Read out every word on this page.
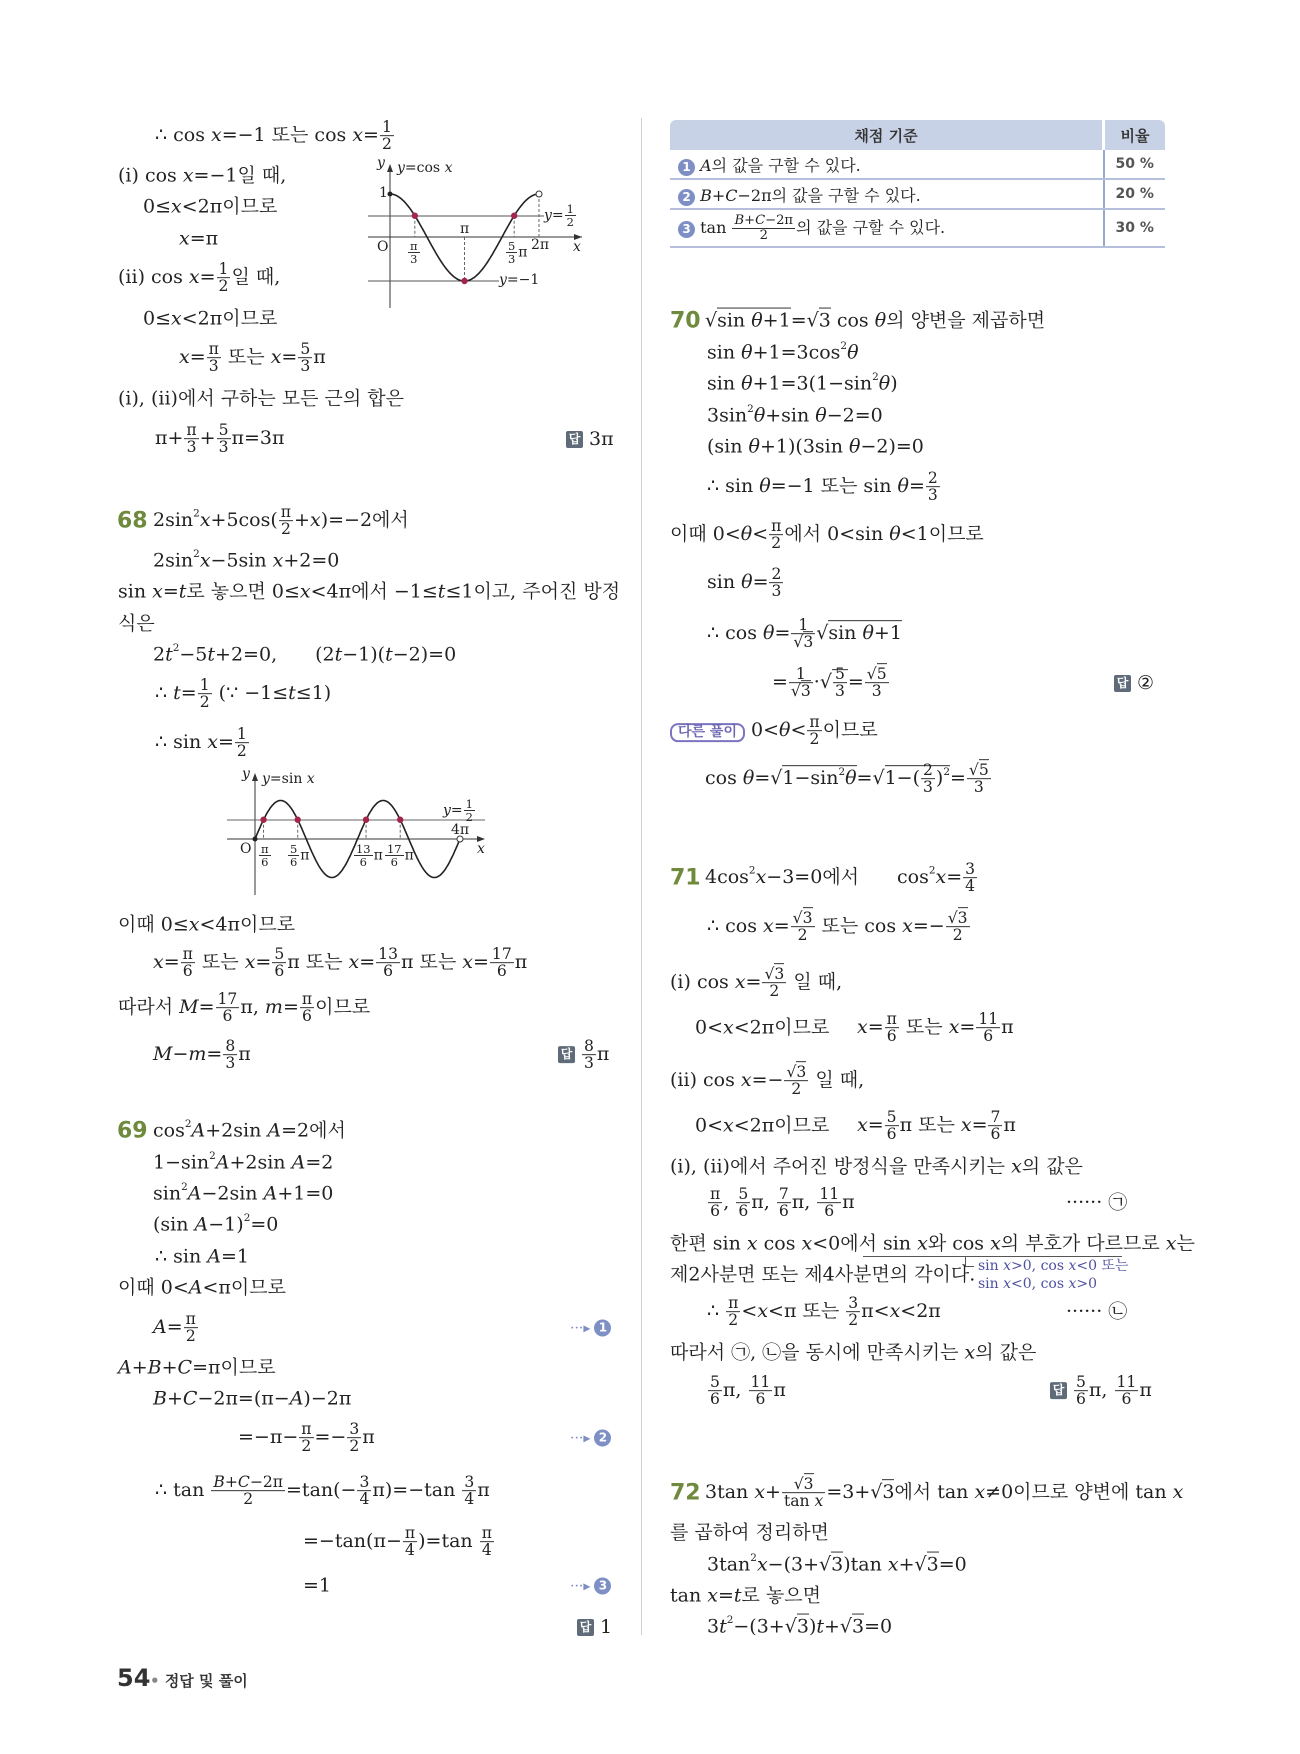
∴ cos x=−1 또는 $\cos x= \frac{1}{2}$
(i) cos x=−1일 때,
0≤x<2π이므로
x=π
(ii) $\cos x= \frac{1}{2}$ 일 때,
0≤x<2π이므로
$x= \frac{\pi}{3}$ 또는 $x= \frac{5}{3}$ π
(i), (ii)에서 구하는 모든 근의 합은
$\pi+ \frac{\pi}{3} + \frac{5}{3} \pi=3\pi$	답 3π
y y=cos x
1
$y= \frac{1}{2}$
y=−1
O	x
$\frac{\pi}{3}$
π
$\frac{5}{3}$ π 2π
68 $2\sin^2x+5\cos( \frac{\pi}{2} +x)=-2$에서
$2\sin^2x-5\sin$ x+2=0
sin x=t로 놓으면 0≤x<4π에서 −1≤t≤1이고, 주어진 방정
식은
$2t^2-5t+2=0$,　　(2t−1)(t−2)=0
∴ $t= \frac{1}{2}$ (∵ −1≤t≤1)
∴ $\sin x= \frac{1}{2}$
y y=sin x
$y= \frac{1}{2}$
4π
O	x
$\frac{\pi}{6} \frac{5}{6}$ π	$\frac{13}{6}$ π $\frac{17}{6}$ π
이때 0≤x<4π이므로
$x= \frac{\pi}{6}$ 또는 $x= \frac{5}{6}$ π 또는 $x= \frac{13}{6}$ π 또는 $x= \frac{17}{6}$ π
따라서 $M= \frac{17}{6} \pi$, $m= \frac{\pi}{6}$ 이므로
$M-m= \frac{8}{3}$ π	답 $\frac{8}{3}$ π
69 $\cos^2A+2\sin$ A=2에서
$1-\sin^2A+2\sin$ A=2
$\sin^2A-2\sin$ A+1=0
(sin A−1)$^2$=0
∴ sin A=1
이때 0<A<π이므로
$A= \frac{\pi}{2}$	···▸ 1
A+B+C=π이므로
B+C−2π=(π−A)−2π
$=-\pi- \frac{\pi}{2} =- \frac{3}{2}$ π	···▸ 2
∴ $\tan \frac{B+C-2\pi}{2} =\tan(- \frac{3}{4} \pi)=-\tan \frac{3}{4}$ π
$=-\tan(\pi- \frac{\pi}{4} )=\tan \frac{\pi}{4}$
=1	···▸ 3
답 1
채점 기준	비율
1 A의 값을 구할 수 있다.	50 %
2 B+C−2π의 값을 구할 수 있다.	20 %
3 $\tan \frac{B+C-2\pi}{2}$ 의 값을 구할 수 있다.	30 %
70 √sin θ+1=√3 cos θ의 양변을 제곱하면
$\sin \theta+1=3\cos^2\theta$
$\sin \theta+1=3(1-\sin^2\theta)$
$3\sin^2\theta+\sin$ θ−2=0
(sin θ+1)(3sin θ−2)=0
∴ sin θ=−1 또는 $\sin \theta= \frac{2}{3}$
이때 $0<\theta< \frac{\pi}{2}$ 에서 0<sin θ<1이므로
$\sin \theta= \frac{2}{3}$
∴ $\cos \theta= \frac{1}{√3} √\sin$ θ+1
= $\frac{1}{√3}$ ·√ $\frac{5}{3} = \frac{√5}{3}$	답 ②
다른 풀이 $0<\theta< \frac{\pi}{2}$ 이므로
$\cos \theta=√1-\sin^2\theta=√1-( \frac{2}{3} )^2= \frac{√5}{3}$
71 $4\cos^2x-3=0$에서　　$\cos^2x= \frac{3}{4}$
∴ $\cos x= \frac{√3}{2}$ 또는 $\cos x=- \frac{√3}{2}$
(i) $\cos x= \frac{√3}{2}$ 일 때,
0<x<2π이므로 $x= \frac{\pi}{6}$ 또는 $x= \frac{11}{6}$ π
(ii) $\cos x=- \frac{√3}{2}$ 일 때,
0<x<2π이므로 $x= \frac{5}{6}$ π 또는 $x= \frac{7}{6}$ π
(i), (ii)에서 주어진 방정식을 만족시키는 x의 값은
$\frac{\pi}{6}$ , $\frac{5}{6} \pi$, $\frac{7}{6} \pi$, $\frac{11}{6}$ π	······ ㉠
한편 sin x cos x<0에서 sin x와 cos x의 부호가 다르므로 x는
제2사분면 또는 제4사분면의 각이다. sin x>0, cos x<0 또는
sin x<0, cos x>0
∴ $\frac{\pi}{2} <x<\pi$ 또는 $\frac{3}{2} \pi<x<2\pi$	······ ㉡
따라서 ㉠, ㉡을 동시에 만족시키는 x의 값은
$\frac{5}{6} \pi$, $\frac{11}{6}$ π	답 $\frac{5}{6} \pi$, $\frac{11}{6}$ π
72 3tan $x+ \frac{√3}{\text{tan x}} =3+√3$에서 tan x≠0이므로 양변에 tan x
를 곱하여 정리하면
$3\tan^2x-(3+√3)\tan$ x+√3=0
tan x=t로 놓으면
$3t^2-(3+√3)t+√3=0$
54 • 정답 및 풀이
